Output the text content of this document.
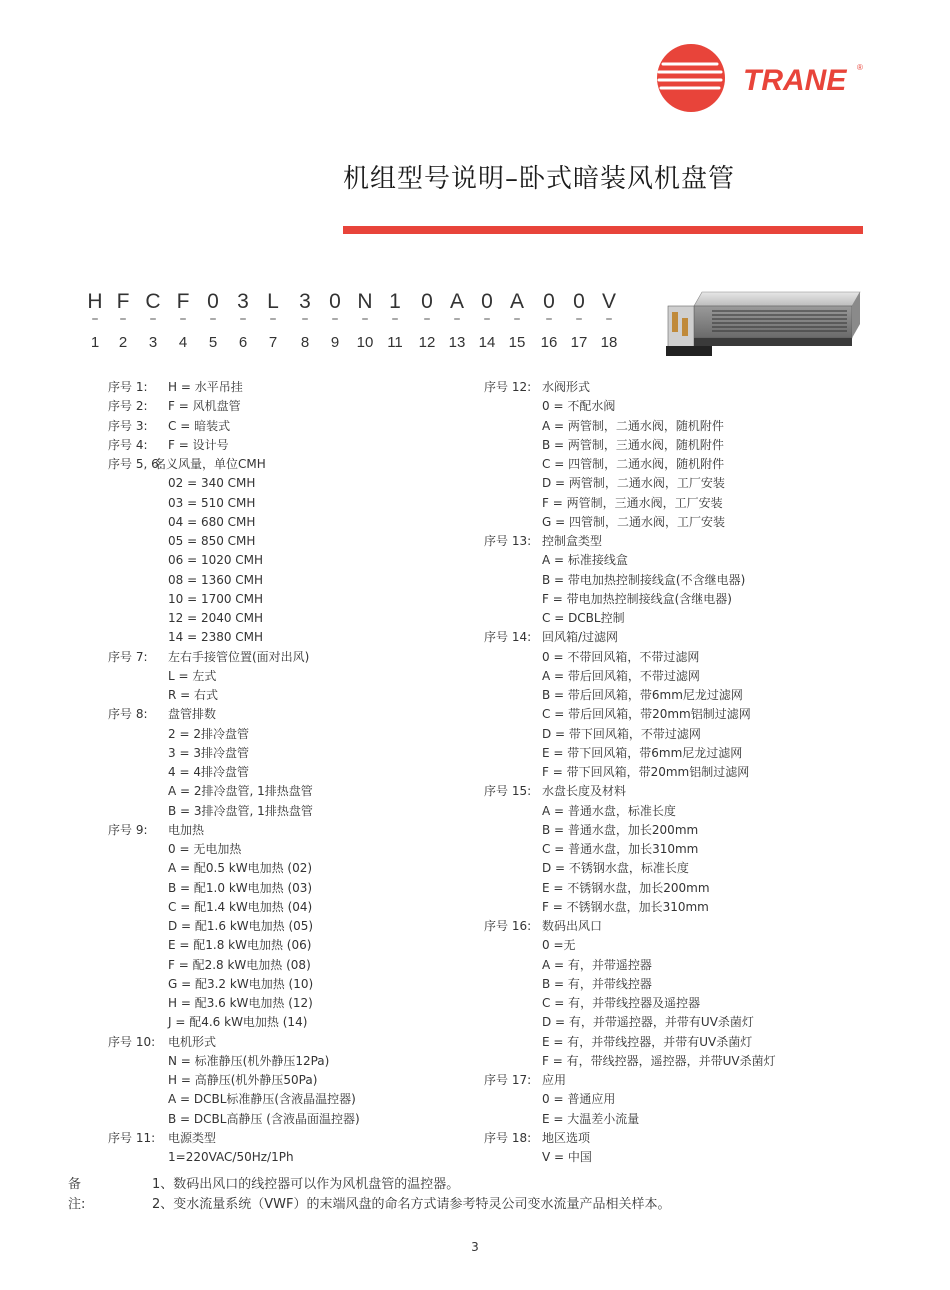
TRANE ®
机组型号说明–卧式暗装风机盘管
H F C F 0 3 L 3 0 N 1 0 A 0 A 0 0 V
–	–	–	–	–	–	–	–	–	–	–	–	–	–	–	–	–	–
1	2	3	4	5	6	7	8	9	10 11	12 13 14 15	16 17 18
序号 1: H = 水平吊挂
序号 2: F = 风机盘管
序号 3: C = 暗装式
序号 4: F = 设计号
序号 5, 6:
名义风量，单位CMH
02 = 340 CMH
03 = 510 CMH
04 = 680 CMH
05 = 850 CMH
06 = 1020 CMH
08 = 1360 CMH
10 = 1700 CMH
12 = 2040 CMH
14 = 2380 CMH
序号 7: 左右手接管位置(面对出风)
L = 左式
R = 右式
序号 8: 盘管排数
2 = 2排冷盘管
3 = 3排冷盘管
4 = 4排冷盘管
A = 2排冷盘管, 1排热盘管
B = 3排冷盘管, 1排热盘管
序号 9: 电加热
0 = 无电加热
A = 配0.5 kW电加热 (02)
B = 配1.0 kW电加热 (03)
C = 配1.4 kW电加热 (04)
D = 配1.6 kW电加热 (05)
E = 配1.8 kW电加热 (06)
F = 配2.8 kW电加热 (08)
G = 配3.2 kW电加热 (10)
H = 配3.6 kW电加热 (12)
J = 配4.6 kW电加热 (14)
序号 10: 电机形式
N = 标准静压(机外静压12Pa)
H = 高静压(机外静压50Pa)
A = DCBL标准静压(含液晶温控器)
B = DCBL高静压 (含液晶面温控器)
序号 11: 电源类型
1=220VAC/50Hz/1Ph
序号 12: 水阀形式
0 = 不配水阀
A = 两管制，二通水阀，随机附件
B = 两管制，三通水阀，随机附件
C = 四管制，二通水阀，随机附件
D = 两管制，二通水阀，工厂安装
F = 两管制，三通水阀，工厂安装
G = 四管制，二通水阀，工厂安装
序号 13: 控制盒类型
A = 标准接线盒
B = 带电加热控制接线盒(不含继电器)
F = 带电加热控制接线盒(含继电器)
C = DCBL控制
序号 14: 回风箱/过滤网
0 = 不带回风箱，不带过滤网
A = 带后回风箱，不带过滤网
B = 带后回风箱，带6mm尼龙过滤网
C = 带后回风箱，带20mm铝制过滤网
D = 带下回风箱，不带过滤网
E = 带下回风箱，带6mm尼龙过滤网
F = 带下回风箱，带20mm铝制过滤网
序号 15: 水盘长度及材料
A = 普通水盘，标准长度
B = 普通水盘，加长200mm
C = 普通水盘，加长310mm
D = 不锈钢水盘，标准长度
E = 不锈钢水盘，加长200mm
F = 不锈钢水盘，加长310mm
序号 16: 数码出风口
0 =无
A = 有，并带遥控器
B = 有，并带线控器
C = 有，并带线控器及遥控器
D = 有，并带遥控器，并带有UV杀菌灯
E = 有，并带线控器，并带有UV杀菌灯
F = 有，带线控器，遥控器，并带UV杀菌灯
序号 17: 应用
0 = 普通应用
E = 大温差小流量
序号 18: 地区选项
V = 中国
备注:
1、数码出风口的线控器可以作为风机盘管的温控器。
2、变水流量系统（VWF）的末端风盘的命名方式请参考特灵公司变水流量产品相关样本。
3
